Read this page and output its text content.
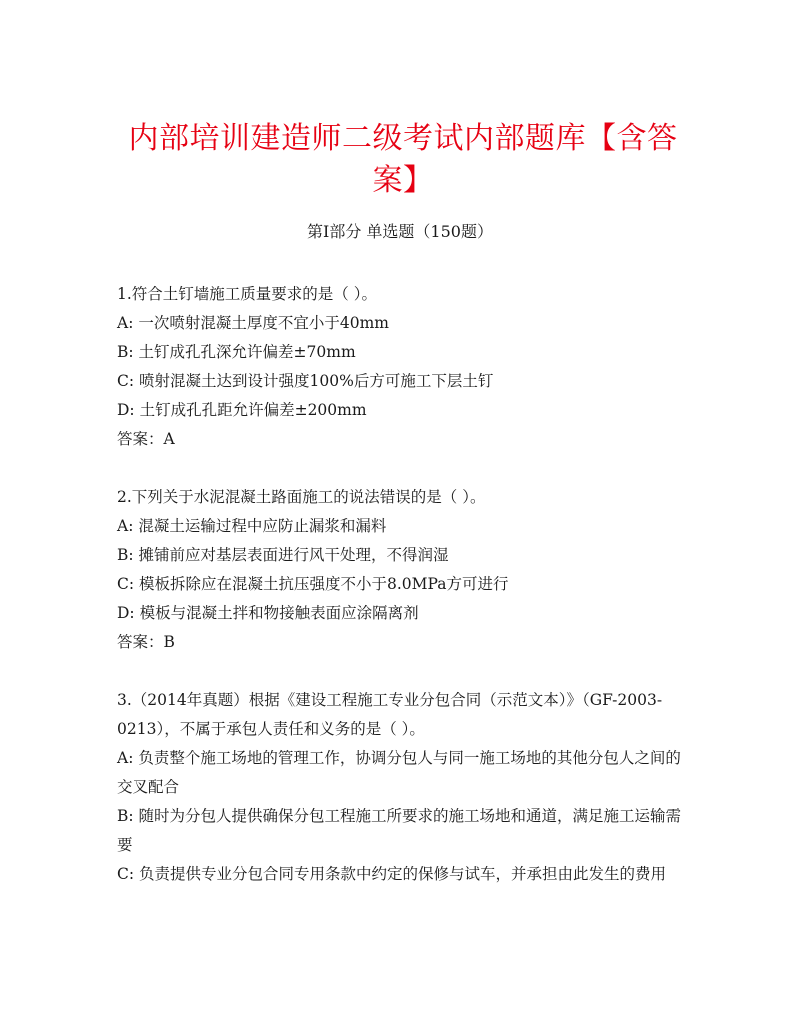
内部培训建造师二级考试内部题库【含答案】
第Ⅰ部分 单选题（150题）
1.符合土钉墙施工质量要求的是（ ）。
A: 一次喷射混凝土厚度不宜小于40mm
B: 土钉成孔孔深允许偏差±70mm
C: 喷射混凝土达到设计强度100%后方可施工下层土钉
D: 土钉成孔孔距允许偏差±200mm
答案：A
2.下列关于水泥混凝土路面施工的说法错误的是（ ）。
A: 混凝土运输过程中应防止漏浆和漏料
B: 摊铺前应对基层表面进行风干处理，不得润湿
C: 模板拆除应在混凝土抗压强度不小于8.0MPa方可进行
D: 模板与混凝土拌和物接触表面应涂隔离剂
答案：B
3.（2014年真题）根据《建设工程施工专业分包合同（示范文本）》（GF-2003-0213），不属于承包人责任和义务的是（ ）。
A: 负责整个施工场地的管理工作，协调分包人与同一施工场地的其他分包人之间的交叉配合
B: 随时为分包人提供确保分包工程施工所要求的施工场地和通道，满足施工运输需要
C: 负责提供专业分包合同专用条款中约定的保修与试车，并承担由此发生的费用
